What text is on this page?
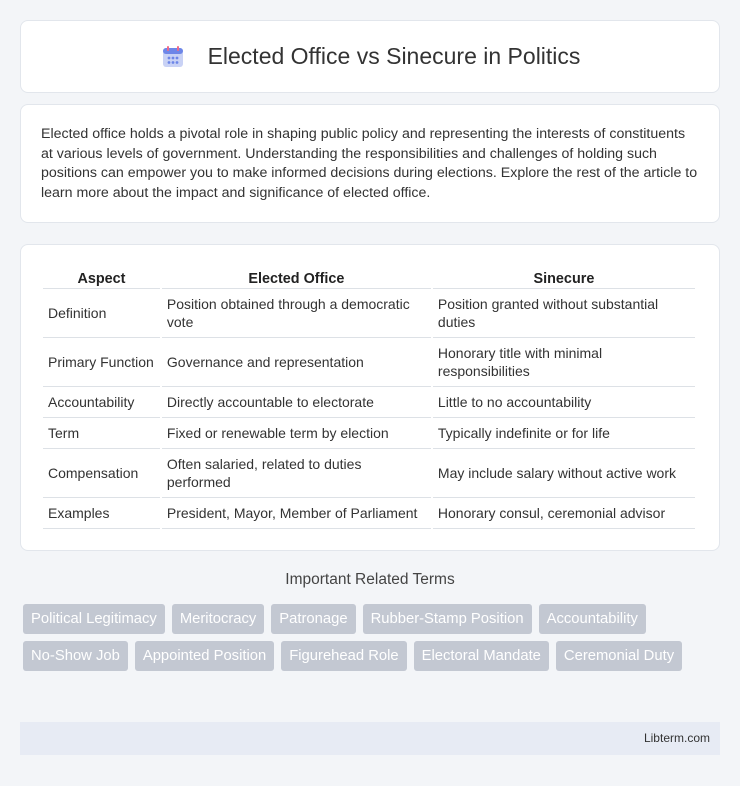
Elected Office vs Sinecure in Politics

Elected office holds a pivotal role in shaping public policy and representing the interests of constituents at various levels of government. Understanding the responsibilities and challenges of holding such positions can empower you to make informed decisions during elections. Explore the rest of the article to learn more about the impact and significance of elected office.

Aspect	Elected Office	Sinecure
Definition	Position obtained through a democratic vote	Position granted without substantial duties
Primary Function	Governance and representation	Honorary title with minimal responsibilities
Accountability	Directly accountable to electorate	Little to no accountability
Term	Fixed or renewable term by election	Typically indefinite or for life
Compensation	Often salaried, related to duties performed	May include salary without active work
Examples	President, Mayor, Member of Parliament	Honorary consul, ceremonial advisor
Important Related Terms
Political Legitimacy	Meritocracy	Patronage	Rubber-Stamp Position	Accountability
No-Show Job	Appointed Position	Figurehead Role	Electoral Mandate	Ceremonial Duty
Libterm.com
